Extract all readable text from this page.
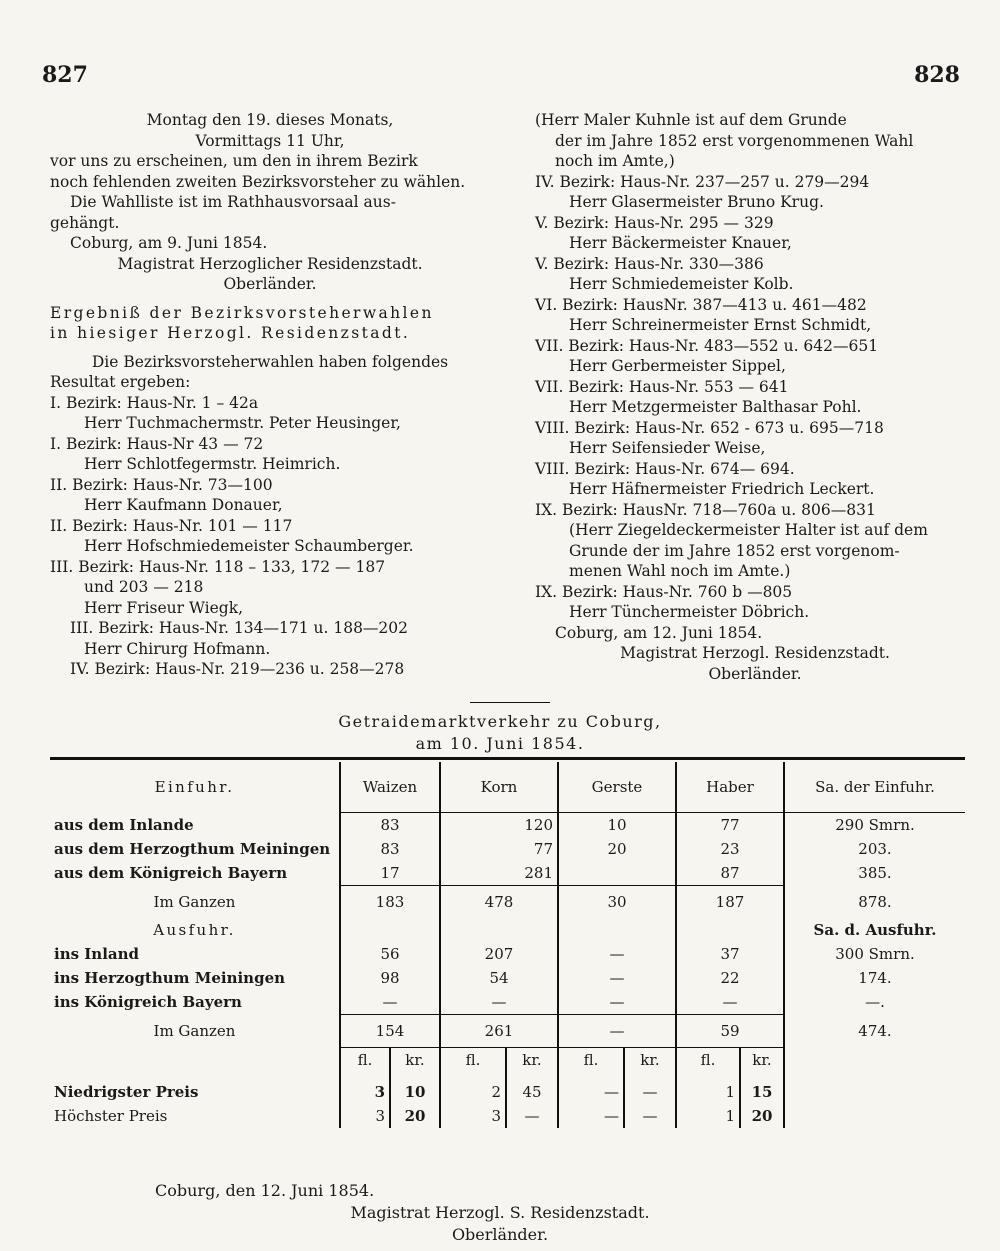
827	828
Montag den 19. dieses Monats,
Vormittags 11 Uhr,
vor uns zu erscheinen, um den in ihrem Bezirk
noch fehlenden zweiten Bezirksvorsteher zu wählen.
Die Wahlliste ist im Rathhausvorsaal aus-
gehängt.
Coburg, am 9. Juni 1854.
Magistrat Herzoglicher Residenzstadt.
Oberländer.
Ergebniß der Bezirksvorsteherwahlen
in hiesiger Herzogl. Residenzstadt.
Die Bezirksvorsteherwahlen haben folgendes
Resultat ergeben:
I. Bezirk: Haus-Nr. 1 – 42a
Herr Tuchmachermstr. Peter Heusinger,
I. Bezirk: Haus-Nr 43 — 72
Herr Schlotfegermstr. Heimrich.
II. Bezirk: Haus-Nr. 73—100
Herr Kaufmann Donauer,
II. Bezirk: Haus-Nr. 101 — 117
Herr Hofschmiedemeister Schaumberger.
III. Bezirk: Haus-Nr. 118 – 133, 172 — 187
und 203 — 218
Herr Friseur Wiegk,
III. Bezirk: Haus-Nr. 134—171 u. 188—202
Herr Chirurg Hofmann.
IV. Bezirk: Haus-Nr. 219—236 u. 258—278
(Herr Maler Kuhnle ist auf dem Grunde
der im Jahre 1852 erst vorgenommenen Wahl
noch im Amte,)
IV. Bezirk: Haus-Nr. 237—257 u. 279—294
Herr Glasermeister Bruno Krug.
V. Bezirk: Haus-Nr. 295 — 329
Herr Bäckermeister Knauer,
V. Bezirk: Haus-Nr. 330—386
Herr Schmiedemeister Kolb.
VI. Bezirk: HausNr. 387—413 u. 461—482
Herr Schreinermeister Ernst Schmidt,
VII. Bezirk: Haus-Nr. 483—552 u. 642—651
Herr Gerbermeister Sippel,
VII. Bezirk: Haus-Nr. 553 — 641
Herr Metzgermeister Balthasar Pohl.
VIII. Bezirk: Haus-Nr. 652 - 673 u. 695—718
Herr Seifensieder Weise,
VIII. Bezirk: Haus-Nr. 674— 694.
Herr Häfnermeister Friedrich Leckert.
IX. Bezirk: HausNr. 718—760a u. 806—831
(Herr Ziegeldeckermeister Halter ist auf dem
Grunde der im Jahre 1852 erst vorgenom-
menen Wahl noch im Amte.)
IX. Bezirk: Haus-Nr. 760 b —805
Herr Tünchermeister Döbrich.
Coburg, am 12. Juni 1854.
Magistrat Herzogl. Residenzstadt.
Oberländer.
Getraidemarktverkehr zu Coburg,
am 10. Juni 1854.
Einfuhr.	Waizen		Korn		Gerste		Haber		Sa. der Einfuhr.
aus dem Inlande	83		120		10		77		290 Smrn.
aus dem Herzogthum Meiningen	83		77		20		23		203.
aus dem Königreich Bayern	17		281				87		385.
Im Ganzen	183		478		30		187		878.
Ausfuhr.									Sa. d. Ausfuhr.
ins Inland	56		207		—		37		300 Smrn.
ins Herzogthum Meiningen	98		54		—		22		174.
ins Königreich Bayern	—		—		—		—		—.
Im Ganzen	154		261		—		59		474.
	fl.	kr.	fl.	kr.	fl.	kr.	fl.	kr.	

Niedrigster Preis	3	10	2	45	—	—	1	15	
Höchster Preis	3	20	3	—	—	—	1	20	
Coburg, den 12. Juni 1854.
Magistrat Herzogl. S. Residenzstadt.
Oberländer.
